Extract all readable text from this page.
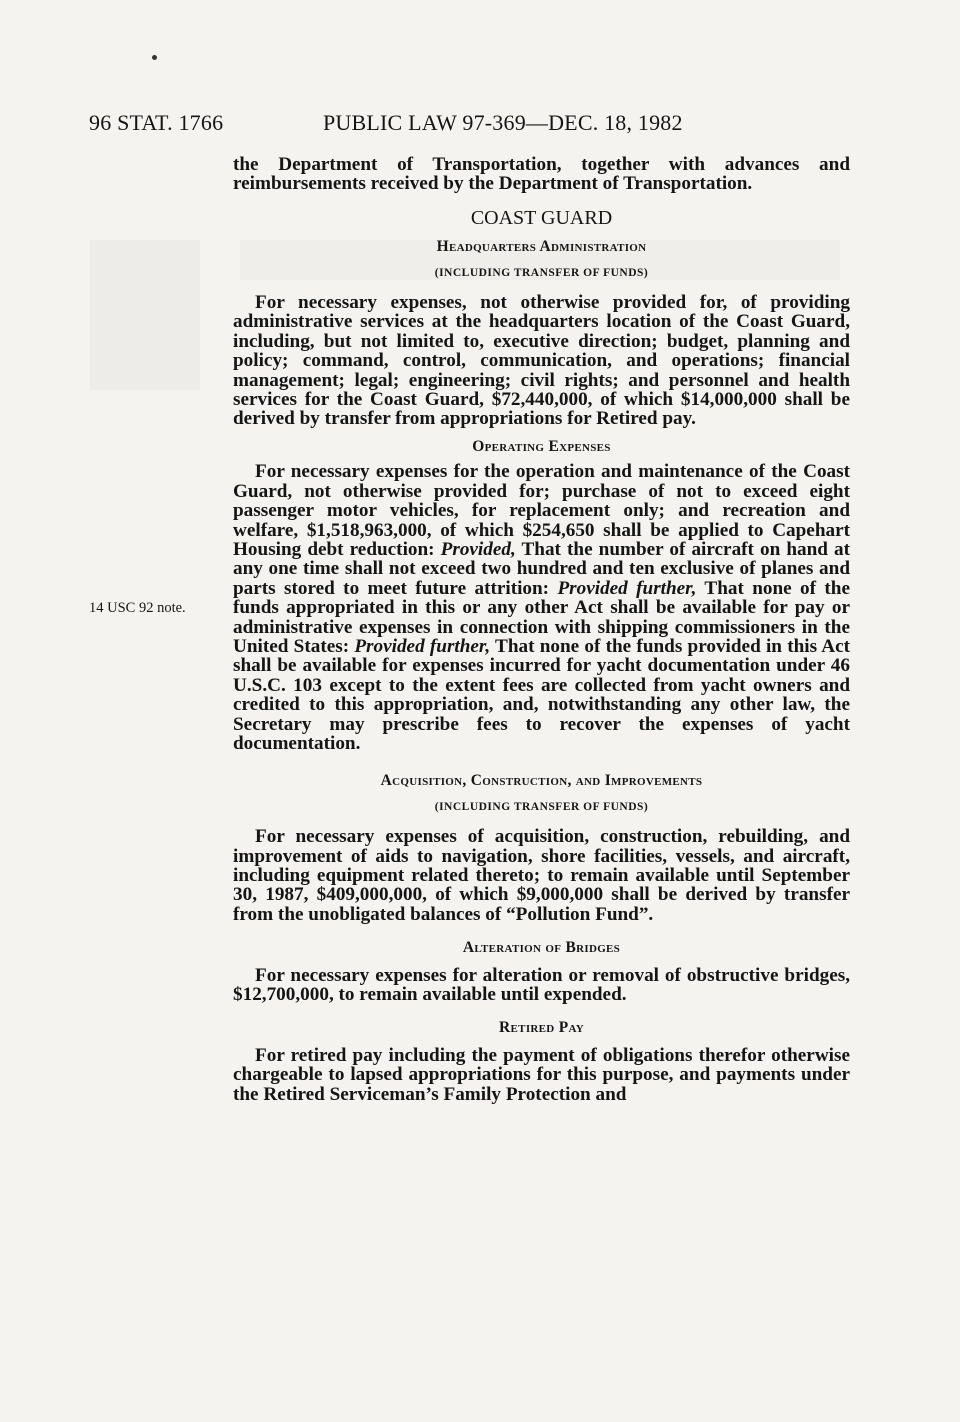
96 STAT. 1766	PUBLIC LAW 97-369—DEC. 18, 1982
14 USC 92 note.

the Department of Transportation, together with advances and reimbursements received by the Department of Transportation.

COAST GUARD
Headquarters Administration
(INCLUDING TRANSFER OF FUNDS)

For necessary expenses, not otherwise provided for, of providing administrative services at the headquarters location of the Coast Guard, including, but not limited to, executive direction; budget, planning and policy; command, control, communication, and operations; financial management; legal; engineering; civil rights; and personnel and health services for the Coast Guard, $72,440,000, of which $14,000,000 shall be derived by transfer from appropriations for Retired pay.

Operating Expenses

For necessary expenses for the operation and maintenance of the Coast Guard, not otherwise provided for; purchase of not to exceed eight passenger motor vehicles, for replacement only; and recreation and welfare, $1,518,963,000, of which $254,650 shall be applied to Capehart Housing debt reduction: Provided, That the number of aircraft on hand at any one time shall not exceed two hundred and ten exclusive of planes and parts stored to meet future attrition: Provided further, That none of the funds appropriated in this or any other Act shall be available for pay or administrative expenses in connection with shipping commissioners in the United States: Provided further, That none of the funds provided in this Act shall be available for expenses incurred for yacht documentation under 46 U.S.C. 103 except to the extent fees are collected from yacht owners and credited to this appropriation, and, notwithstanding any other law, the Secretary may prescribe fees to recover the expenses of yacht documentation.

Acquisition, Construction, and Improvements
(INCLUDING TRANSFER OF FUNDS)

For necessary expenses of acquisition, construction, rebuilding, and improvement of aids to navigation, shore facilities, vessels, and aircraft, including equipment related thereto; to remain available until September 30, 1987, $409,000,000, of which $9,000,000 shall be derived by transfer from the unobligated balances of “Pollution Fund”.

Alteration of Bridges

For necessary expenses for alteration or removal of obstructive bridges, $12,700,000, to remain available until expended.

Retired Pay

For retired pay including the payment of obligations therefor otherwise chargeable to lapsed appropriations for this purpose, and payments under the Retired Serviceman’s Family Protection and
